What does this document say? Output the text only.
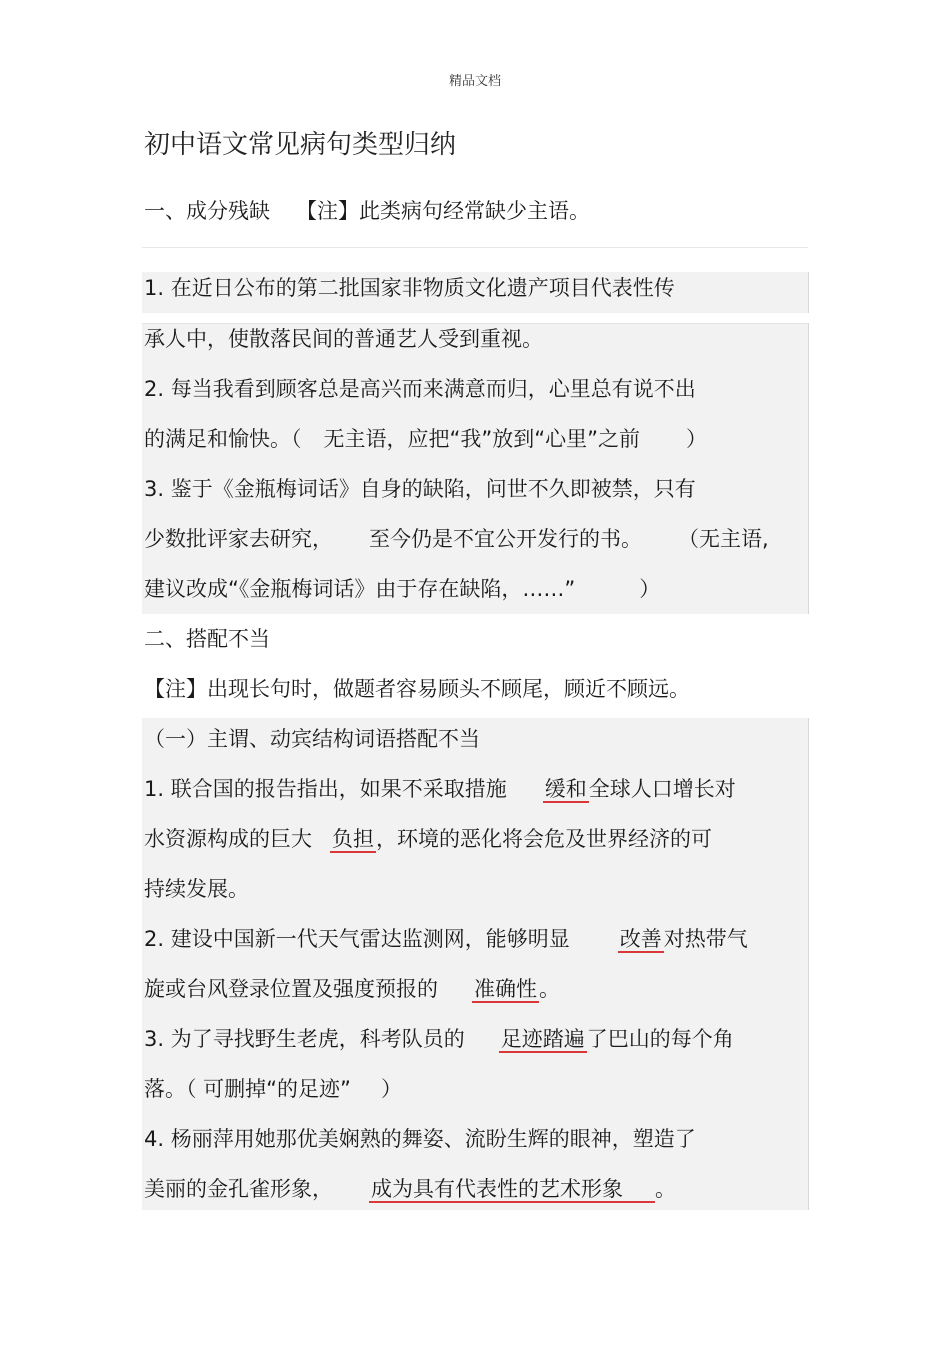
精品文档
初中语文常见病句类型归纳
一、成分残缺 【注】此类病句经常缺少主语。
1. 在近日公布的第二批国家非物质文化遗产项目代表性传
承人中，使散落民间的普通艺人受到重视。
2. 每当我看到顾客总是高兴而来满意而归，心里总有说不出
的满足和愉快。（ 无主语，应把“我”放到“心里”之前 ）
3. 鉴于《金瓶梅词话》自身的缺陷，问世不久即被禁，只有
少数批评家去研究， 至今仍是不宜公开发行的书。 （无主语,
建议改成“《金瓶梅词话》由于存在缺陷，……”	）
二、搭配不当
【注】出现长句时，做题者容易顾头不顾尾，顾近不顾远。
（一）主谓、动宾结构词语搭配不当
1. 联合国的报告指出，如果不采取措施 缓和全球人口增长对
水资源构成的巨大 负担，环境的恶化将会危及世界经济的可
持续发展。
2. 建设中国新一代天气雷达监测网，能够明显 改善对热带气
旋或台风登录位置及强度预报的 准确性。
3. 为了寻找野生老虎，科考队员的 足迹踏遍了巴山的每个角
落。（ 可删掉“的足迹” ）
4. 杨丽萍用她那优美娴熟的舞姿、流盼生辉的眼神，塑造了
美丽的金孔雀形象， 成为具有代表性的艺术形象 。
